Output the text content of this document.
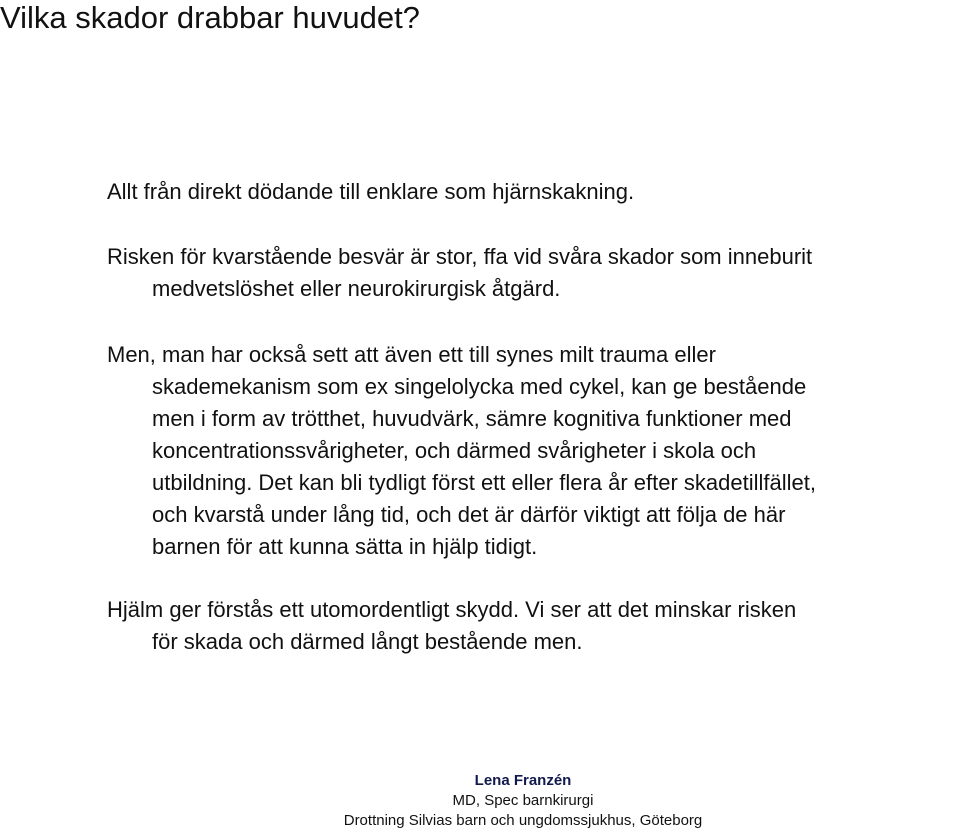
Vilka skador drabbar huvudet?
Allt från direkt dödande till enklare som hjärnskakning.
Risken för kvarstående besvär är stor, ffa vid svåra skador som inneburit
medvetslöshet eller neurokirurgisk åtgärd.
Men, man har också sett att även ett till synes milt trauma eller
skademekanism som ex singelolycka med cykel, kan ge bestående
men i form av trötthet, huvudvärk, sämre kognitiva funktioner med
koncentrationssvårigheter, och därmed svårigheter i skola och
utbildning. Det kan bli tydligt först ett eller flera år efter skadetillfället,
och kvarstå under lång tid, och det är därför viktigt att följa de här
barnen för att kunna sätta in hjälp tidigt.
Hjälm ger förstås ett utomordentligt skydd. Vi ser att det minskar risken
för skada och därmed långt bestående men.
Lena Franzén
MD, Spec barnkirurgi
Drottning Silvias barn och ungdomssjukhus, Göteborg
